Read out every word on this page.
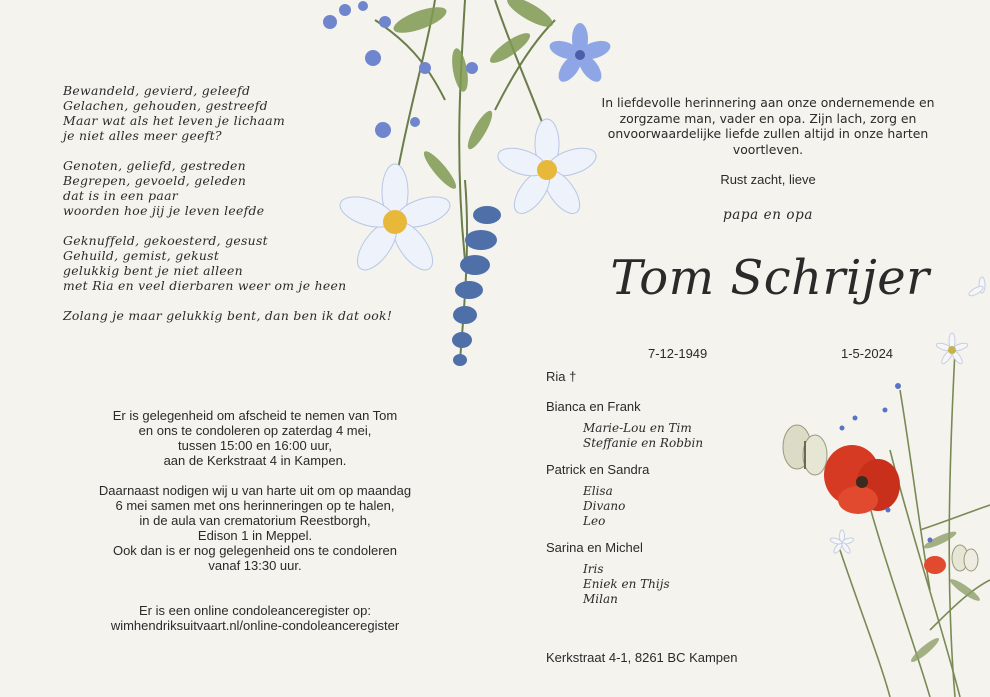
Bewandeld, gevierd, geleefd
Gelachen, gehouden, gestreefd
Maar wat als het leven je lichaam
je niet alles meer geeft?
Genoten, geliefd, gestreden
Begrepen, gevoeld, geleden
dat is in een paar
woorden hoe jij je leven leefde
Geknuffeld, gekoesterd, gesust
Gehuild, gemist, gekust
gelukkig bent je niet alleen
met Ria en veel dierbaren weer om je heen
Zolang je maar gelukkig bent, dan ben ik dat ook!
In liefdevolle herinnering aan onze ondernemende en zorgzame man, vader en opa. Zijn lach, zorg en onvoorwaardelijke liefde zullen altijd in onze harten voortleven.
Rust zacht, lieve
papa en opa
Tom Schrijer
7-12-1949	1-5-2024
Ria †
Bianca en Frank
Marie-Lou en Tim
Steffanie en Robbin
Patrick en Sandra
Elisa
Divano
Leo
Sarina en Michel
Iris
Eniek en Thijs
Milan
Kerkstraat 4-1, 8261 BC Kampen
Er is gelegenheid om afscheid te nemen van Tom
en ons te condoleren op zaterdag 4 mei,
tussen 15:00 en 16:00 uur,
aan de Kerkstraat 4 in Kampen.
Daarnaast nodigen wij u van harte uit om op maandag
6 mei samen met ons herinneringen op te halen,
in de aula van crematorium Reestborgh,
Edison 1 in Meppel.
Ook dan is er nog gelegenheid ons te condoleren
vanaf 13:30 uur.
Er is een online condoleanceregister op:
wimhendriksuitvaart.nl/online-condoleanceregister
